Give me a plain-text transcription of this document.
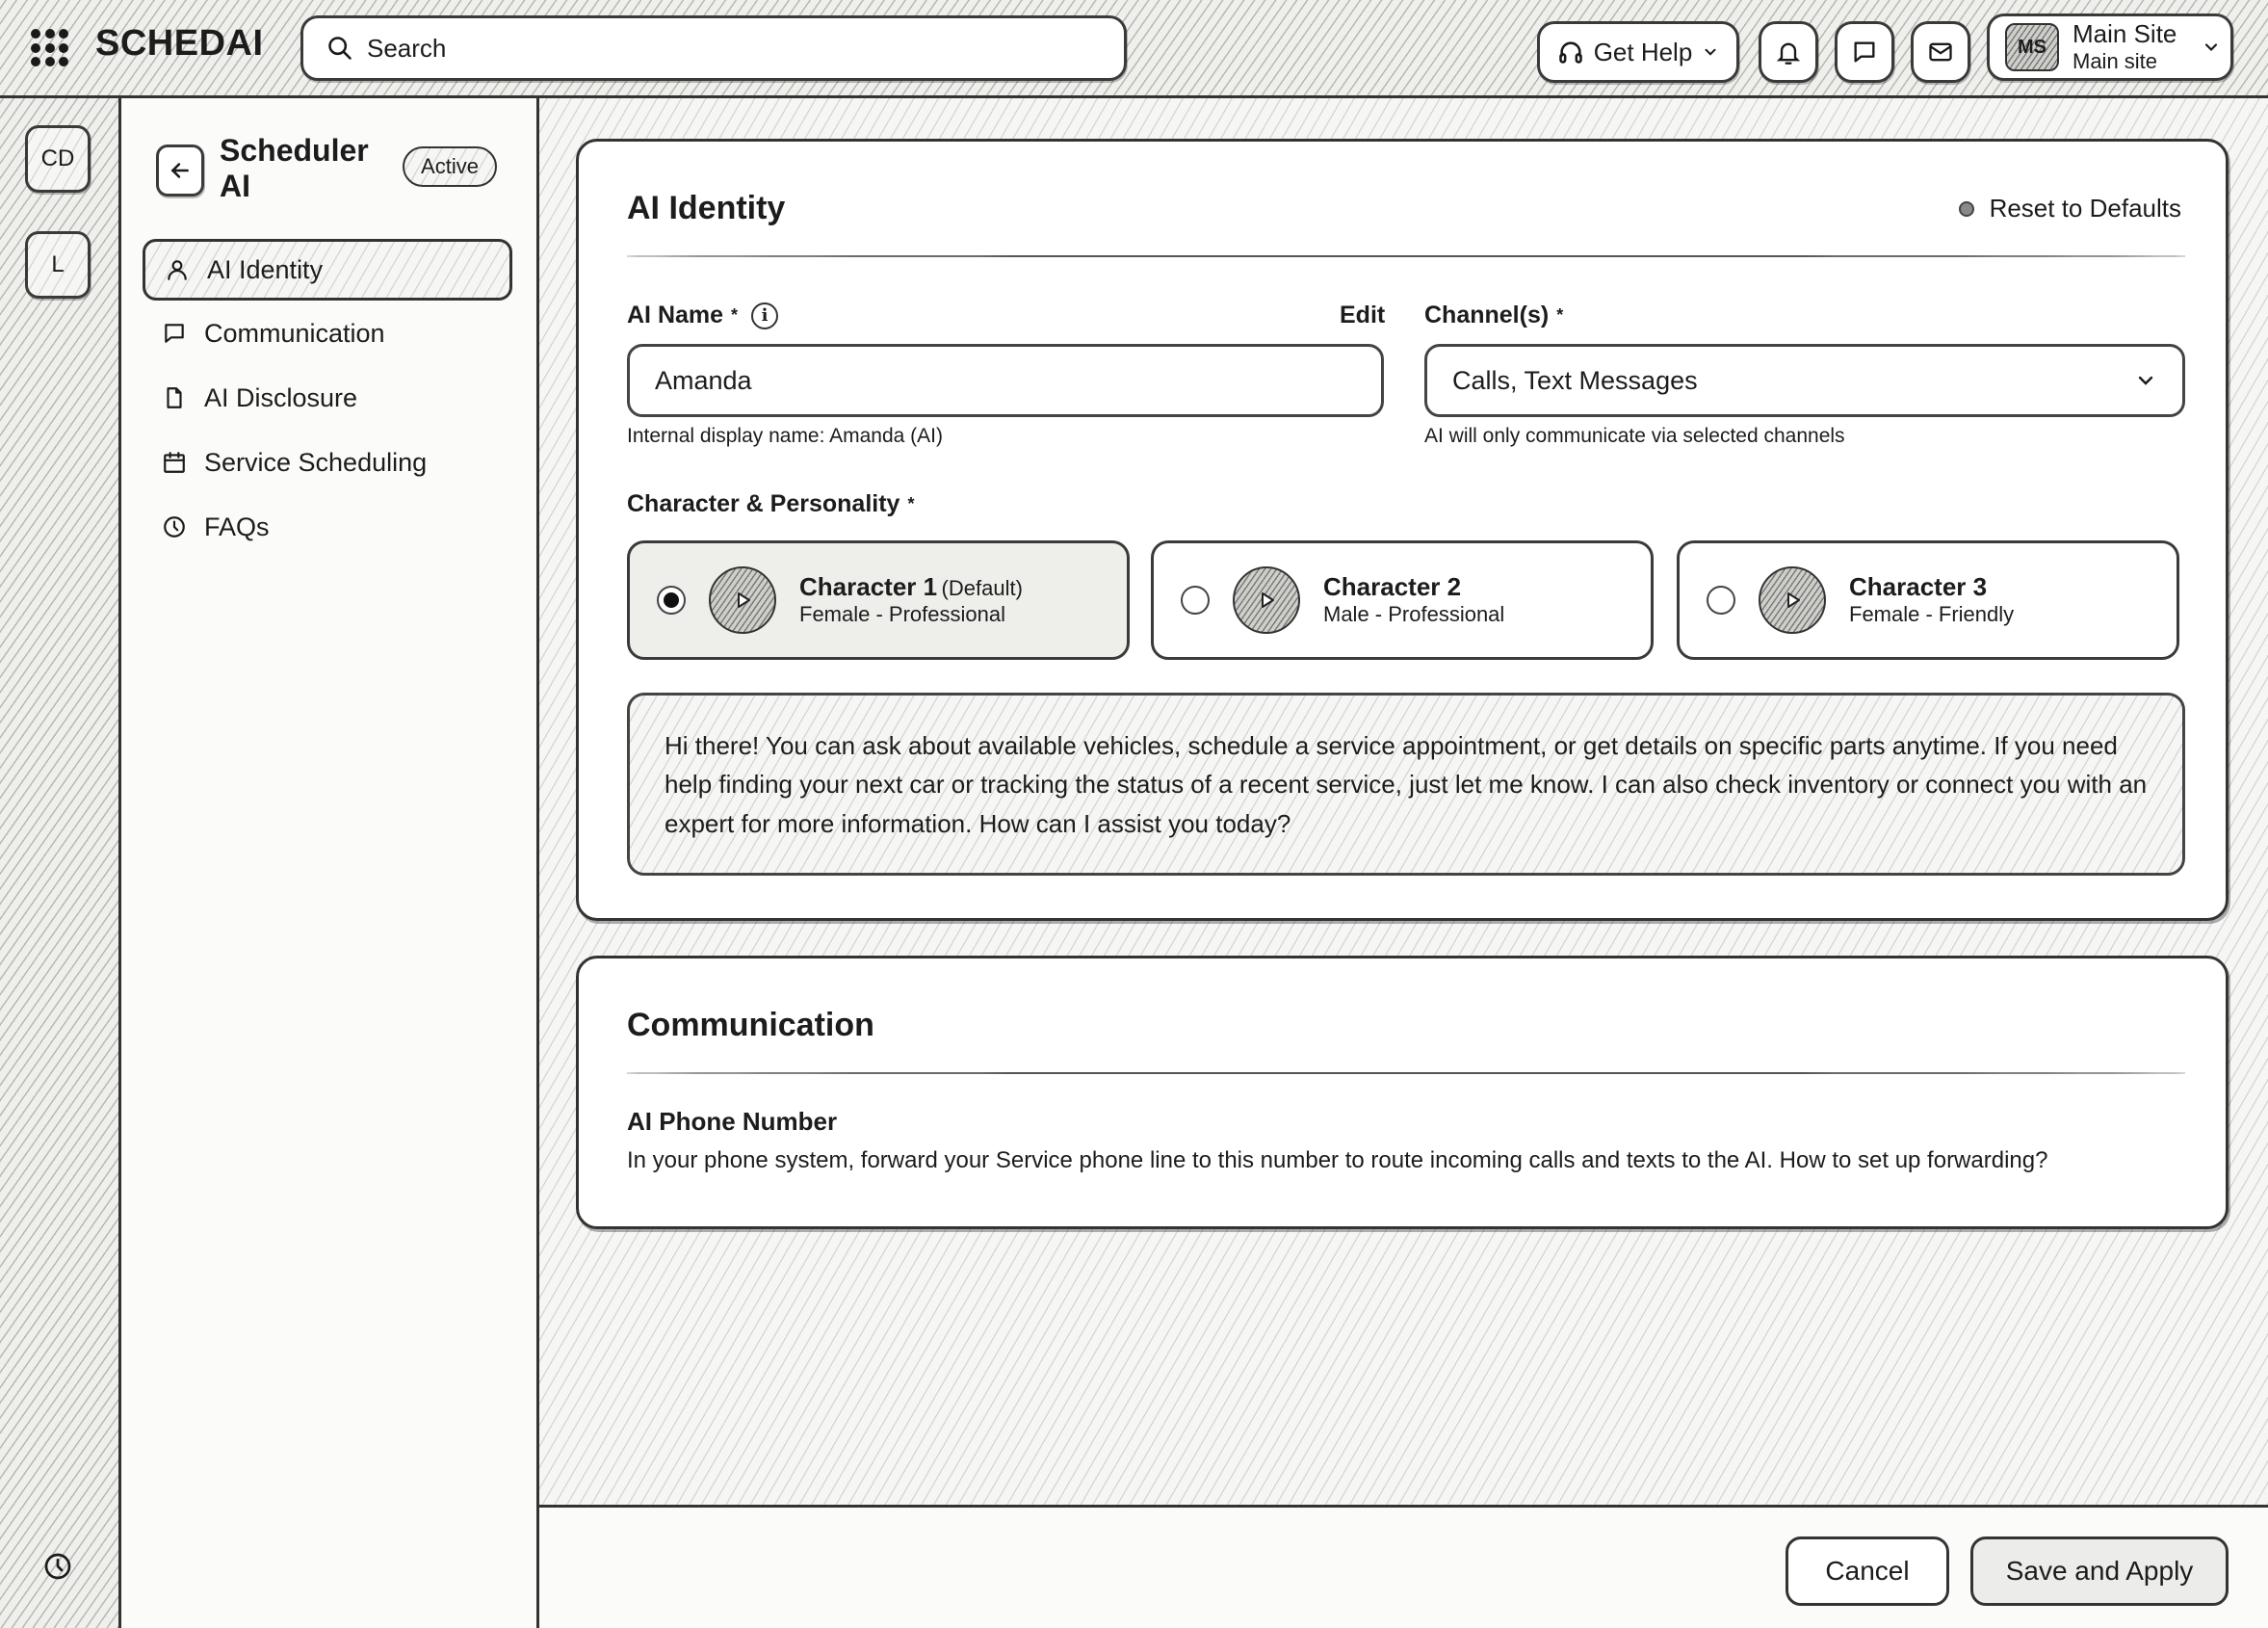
SCHEDAI
Search	Get Help	MS	Main Site
Main site
CD
L
Scheduler AI
Active
AI Identity
Communication
AI Disclosure
Service Scheduling
FAQs
AI Identity	Reset to Defaults
AI Name *	i	Edit
Amanda
Internal display name: Amanda (AI)
Channel(s) *
Calls, Text Messages
AI will only communicate via selected channels
Character & Personality *
Character 1 (Default)
Female - Professional
Character 2
Male - Professional
Character 3
Female - Friendly
Hi there! You can ask about available vehicles, schedule a service appointment, or get details on specific parts anytime. If you need help finding your next car or tracking the status of a recent service, just let me know. I can also check inventory or connect you with an expert for more information. How can I assist you today?
Communication
AI Phone Number
In your phone system, forward your Service phone line to this number to route incoming calls and texts to the AI. How to set up forwarding?
Cancel	Save and Apply
